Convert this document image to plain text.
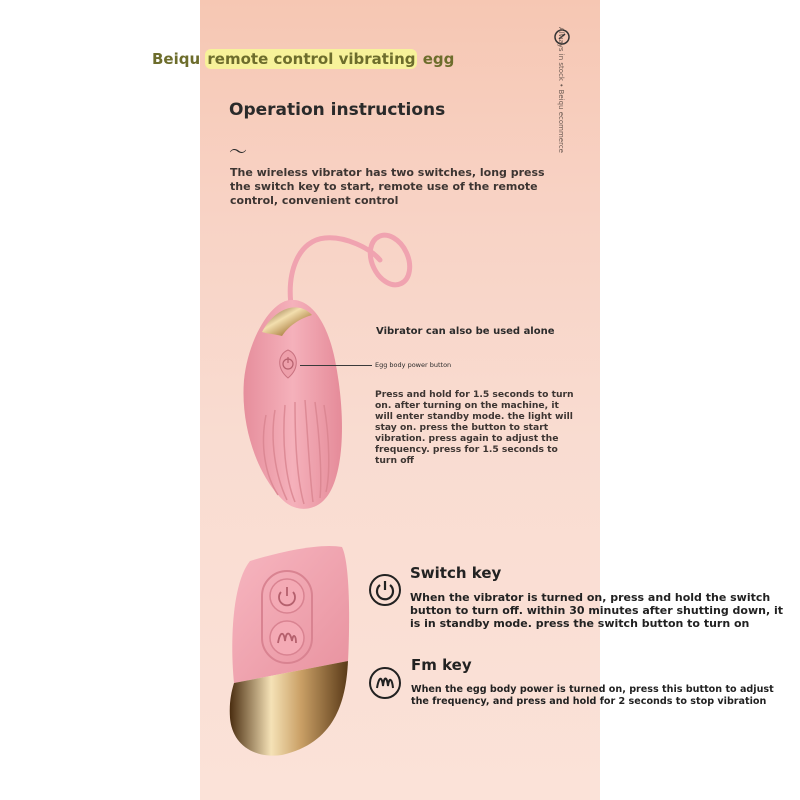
Beiqu remote control vibrating egg	Always in stock • Beiqu ecommerce
Operation instructions
〜
The wireless vibrator has two switches, long press the switch key to start, remote use of the remote control, convenient control
Vibrator can also be used alone
Egg body power button
Press and hold for 1.5 seconds to turn on. after turning on the machine, it will enter standby mode. the light will stay on. press the button to start vibration. press again to adjust the frequency. press for 1.5 seconds to turn off
Switch key
When the vibrator is turned on, press and hold the switch button to turn off. within 30 minutes after shutting down, it is in standby mode. press the switch button to turn on
Fm key
When the egg body power is turned on, press this button to adjust the frequency, and press and hold for 2 seconds to stop vibration
